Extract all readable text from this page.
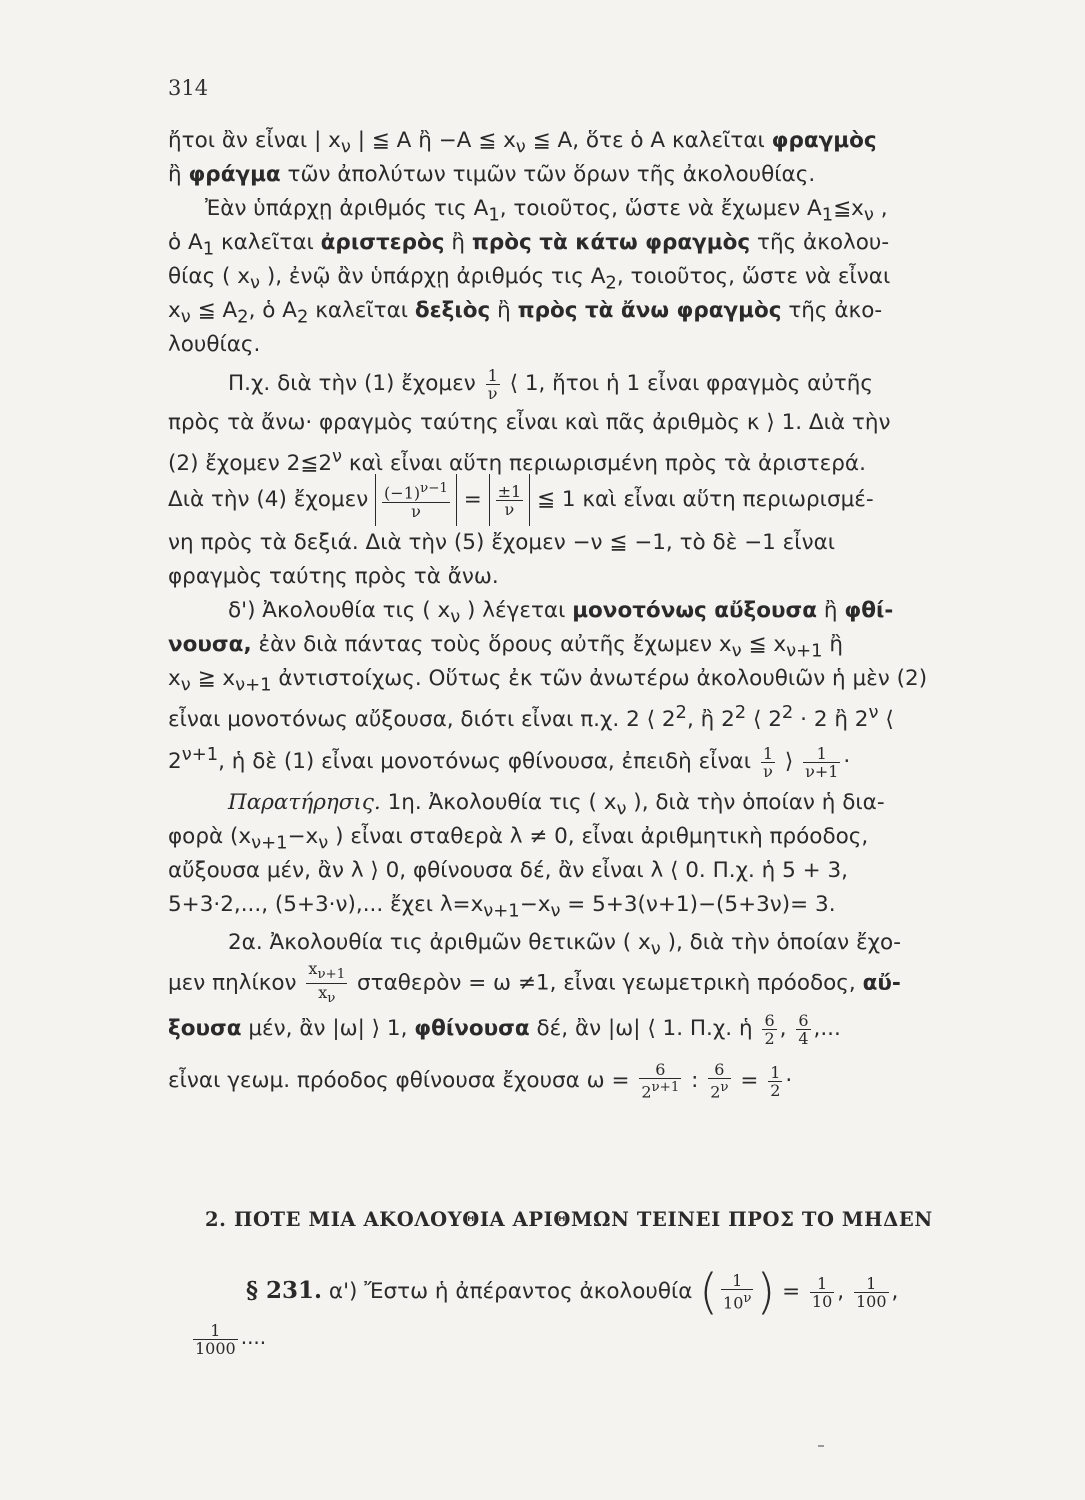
314
ἤτοι ἂν εἶναι | $x_\nu$ | ≦ A ἢ −A ≦ $x_\nu$ ≦ A, ὅτε ὁ A καλεῖται φραγμὸς
ἢ φράγμα τῶν ἀπολύτων τιμῶν τῶν ὅρων τῆς ἀκολουθίας.
Ἐὰν ὑπάρχῃ ἀριθμός τις $A_1$, τοιοῦτος, ὥστε νὰ ἔχωμεν $A_1≦x_\nu$ ,
ὁ $A_1$ καλεῖται ἀριστερὸς ἢ πρὸς τὰ κάτω φραγμὸς τῆς ἀκολου-
θίας ( $x_\nu$ ), ἐνῷ ἂν ὑπάρχῃ ἀριθμός τις $A_2$, τοιοῦτος, ὥστε νὰ εἶναι
$x_\nu$ ≦ $A_2$, ὁ $A_2$ καλεῖται δεξιὸς ἢ πρὸς τὰ ἄνω φραγμὸς τῆς ἀκο-
λουθίας.
Π.χ. διὰ τὴν (1) ἔχομεν $\frac{1}{\nu}$ ⟨ 1, ἤτοι ἡ 1 εἶναι φραγμὸς αὐτῆς
πρὸς τὰ ἄνω· φραγμὸς ταύτης εἶναι καὶ πᾶς ἀριθμὸς κ ⟩ 1. Διὰ τὴν
(2) ἔχομεν $2≦2^\nu$ καὶ εἶναι αὕτη περιωρισμένη πρὸς τὰ ἀριστερά.
Διὰ τὴν (4) ἔχομεν $\frac{(-1)^{\nu-1}}{\nu} = \frac{\pm 1}{\nu}$ ≦ 1 καὶ εἶναι αὕτη περιωρισμέ-
νη πρὸς τὰ δεξιά. Διὰ τὴν (5) ἔχομεν −ν ≦ −1, τὸ δὲ −1 εἶναι
φραγμὸς ταύτης πρὸς τὰ ἄνω.
δ') Ἀκολουθία τις ( $x_\nu$ ) λέγεται μονοτόνως αὔξουσα ἢ φθί-
νουσα, ἐὰν διὰ πάντας τοὺς ὅρους αὐτῆς ἔχωμεν $x_\nu$ ≦ $x_{\nu+1}$ ἢ
$x_\nu$ ≧ $x_{\nu+1}$ ἀντιστοίχως. Οὕτως ἐκ τῶν ἀνωτέρω ἀκολουθιῶν ἡ μὲν (2)
εἶναι μονοτόνως αὔξουσα, διότι εἶναι π.χ. 2 ⟨ $2^2$, ἢ $2^2$ ⟨ $2^2 \cdot 2$ ἢ $2^\nu$ ⟨
$2^{\nu+1}$, ἡ δὲ (1) εἶναι μονοτόνως φθίνουσα, ἐπειδὴ εἶναι $\frac{1}{\nu}$ ⟩ $\frac{1}{\nu+1}$ ·
Παρατήρησις. 1η. Ἀκολουθία τις ( $x_\nu$ ), διὰ τὴν ὁποίαν ἡ δια-
φορὰ ($x_{\nu+1}-x_\nu$ ) εἶναι σταθερὰ λ ≠ 0, εἶναι ἀριθμητικὴ πρόοδος,
αὔξουσα μέν, ἂν λ ⟩ 0, φθίνουσα δέ, ἂν εἶναι λ ⟨ 0. Π.χ. ἡ 5 + 3,
5+3·2,..., (5+3·ν),... ἔχει $\lambda=x_{\nu+1}-x_\nu = 5+3(\nu+1)-(5+3\nu)= 3$.
2α. Ἀκολουθία τις ἀριθμῶν θετικῶν ( $x_\nu$ ), διὰ τὴν ὁποίαν ἔχο-
μεν πηλίκον $\frac{x_{\nu+1}}{x_\nu}$ σταθερὸν = ω ≠1, εἶναι γεωμετρικὴ πρόοδος, αὔ-
ξουσα μέν, ἂν |ω| ⟩ 1, φθίνουσα δέ, ἂν |ω| ⟨ 1. Π.χ. ἡ $\frac{6}{2}$ , $\frac{6}{4}$ ,...
εἶναι γεωμ. πρόοδος φθίνουσα ἔχουσα $\omega = \frac{6}{2^{\nu+1}}$ : $\frac{6}{2^\nu} = \frac{1}{2}$ ·
2. ΠΟΤΕ ΜΙΑ ΑΚΟΛΟΥΘΙΑ ΑΡΙΘΜΩΝ ΤΕΙΝΕΙ ΠΡΟΣ ΤΟ ΜΗΔΕΝ
§ 231. α') Ἔστω ἡ ἀπέραντος ἀκολουθία ( $\frac{1}{10^\nu}$ ) = $\frac{1}{10}$ , $\frac{1}{100}$ ,
$\frac{1}{1000}$ ....
